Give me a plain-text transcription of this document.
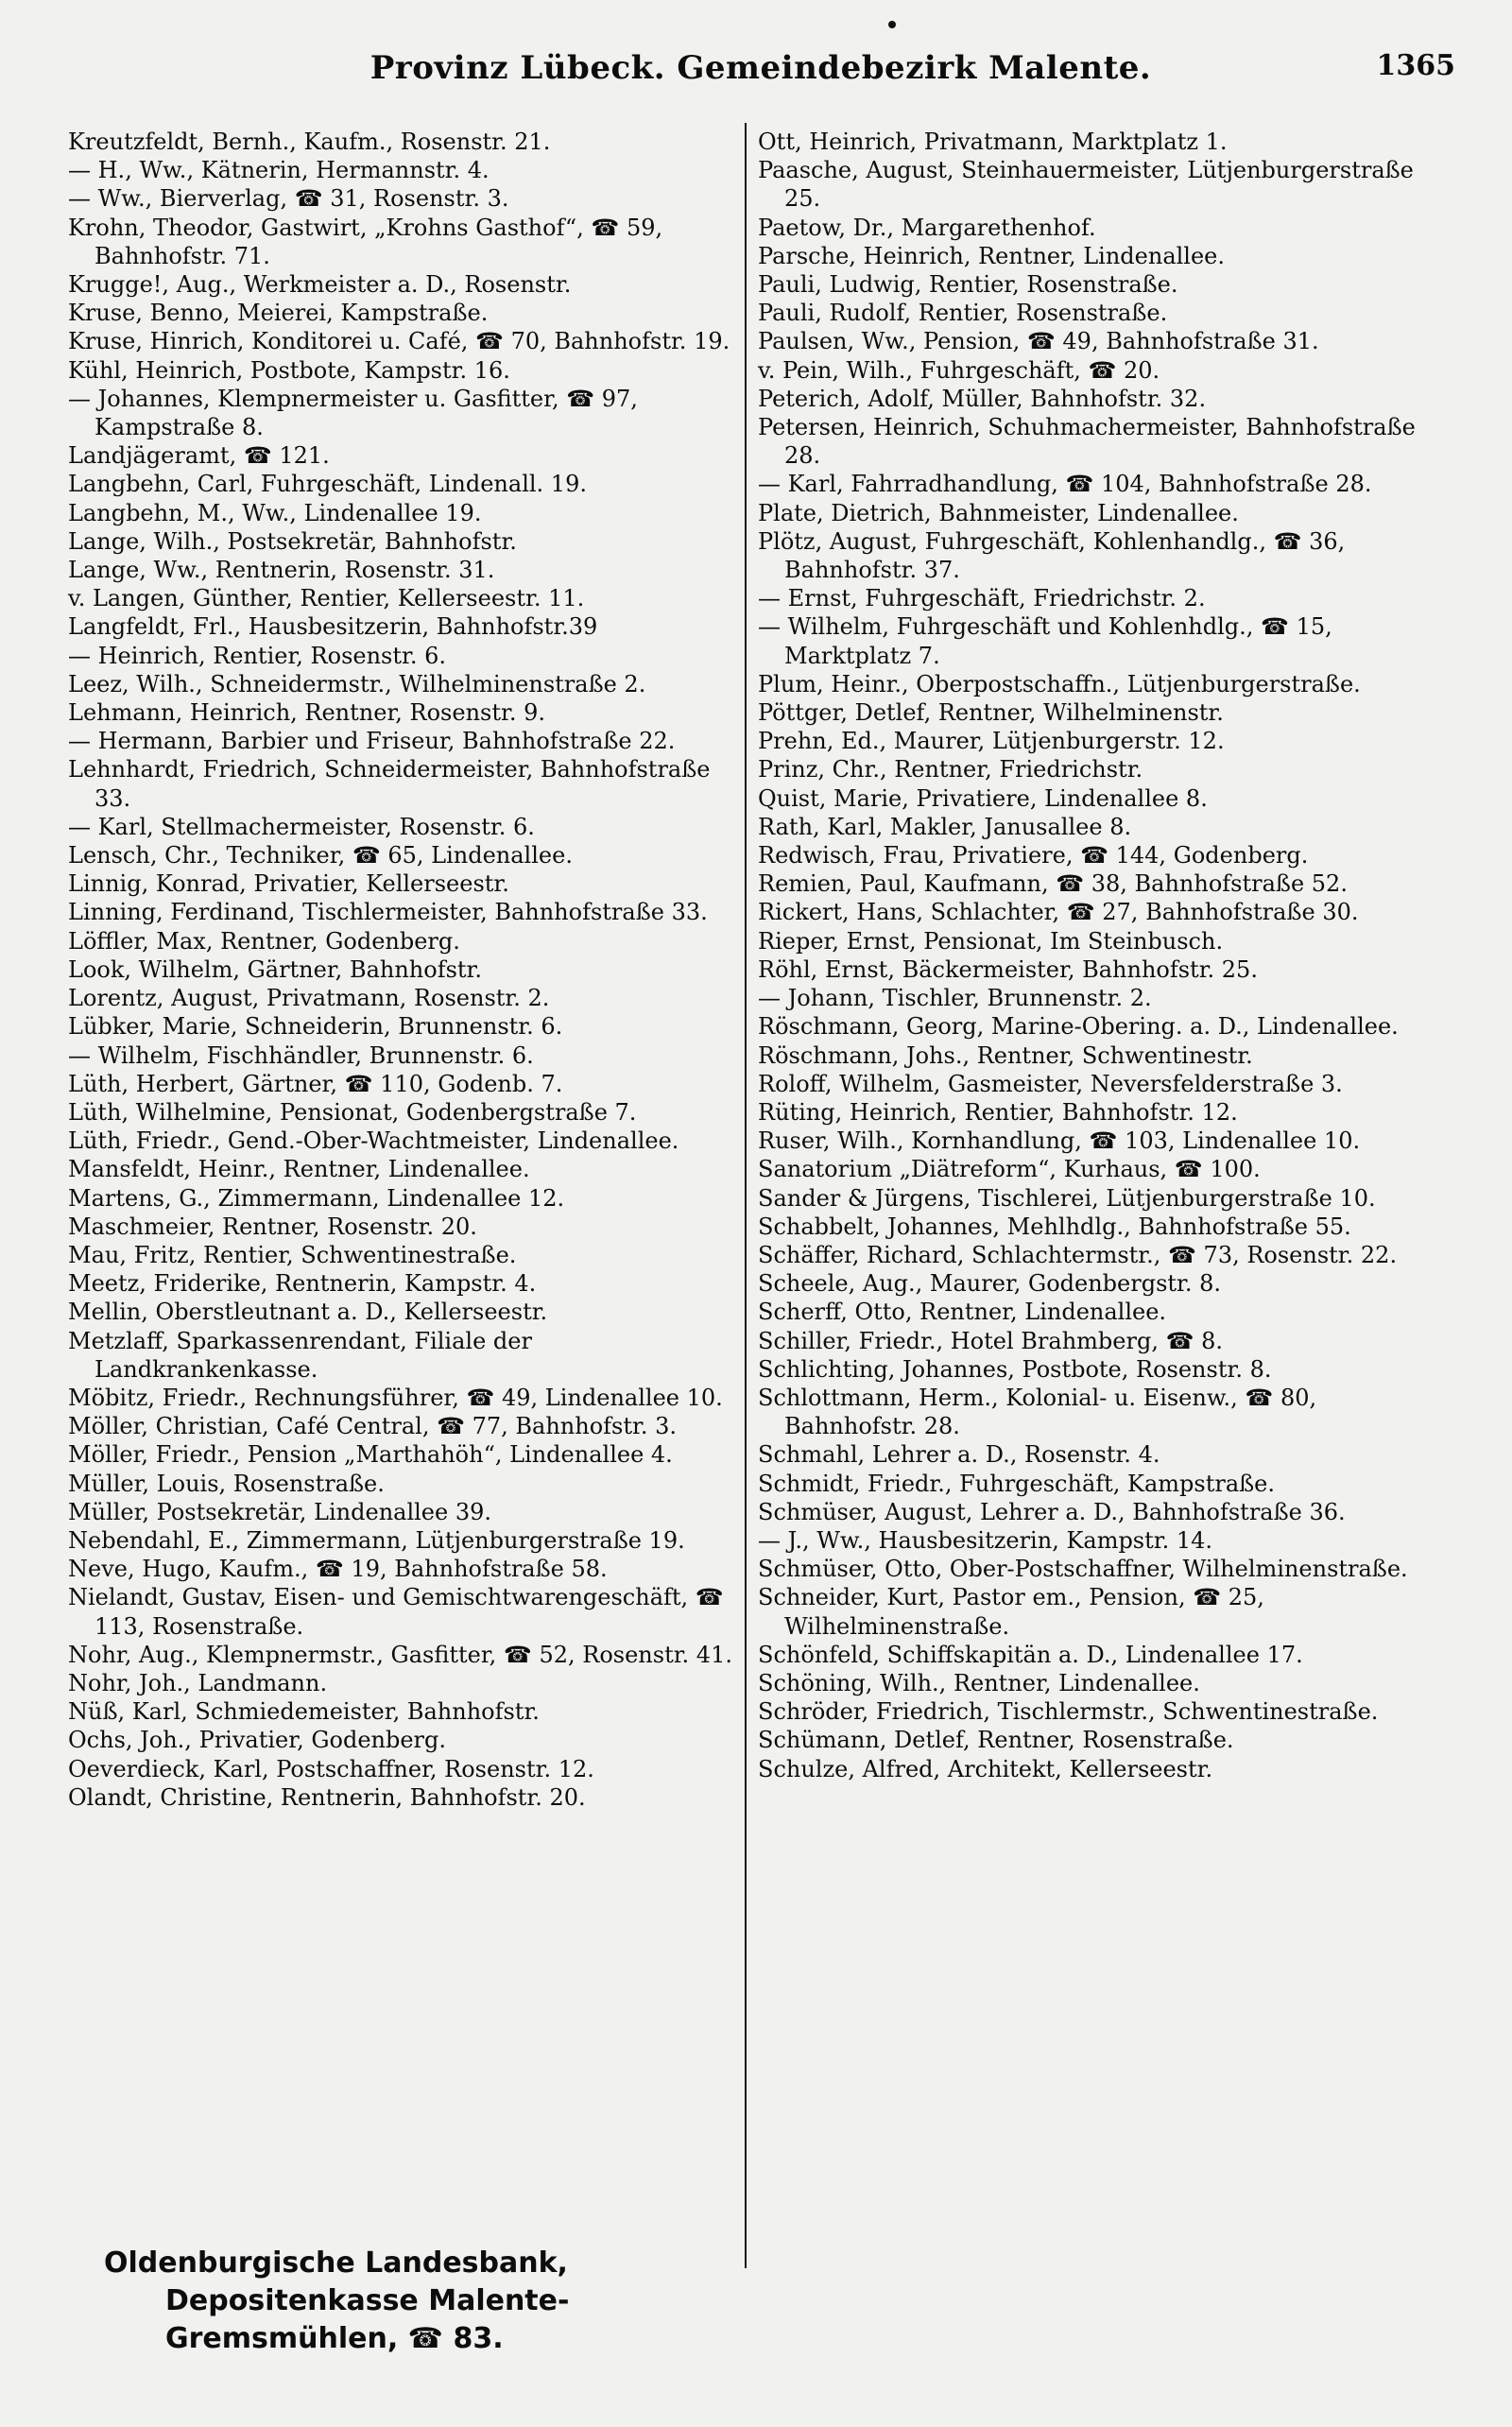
Provinz Lübeck. Gemeindebezirk Malente.	1365

Kreutzfeldt, Bernh., Kaufm., Rosenstr. 21.

— H., Ww., Kätnerin, Hermannstr. 4.

— Ww., Bierverlag, ☎ 31, Rosenstr. 3.

Krohn, Theodor, Gastwirt, „Krohns Gasthof“, ☎ 59, Bahnhofstr. 71.

Krugge!, Aug., Werkmeister a. D., Rosenstr.

Kruse, Benno, Meierei, Kampstraße.

Kruse, Hinrich, Konditorei u. Café, ☎ 70, Bahnhofstr. 19.

Kühl, Heinrich, Postbote, Kampstr. 16.

— Johannes, Klempnermeister u. Gasfitter, ☎ 97, Kampstraße 8.

Landjägeramt, ☎ 121.

Langbehn, Carl, Fuhrgeschäft, Lindenall. 19.

Langbehn, M., Ww., Lindenallee 19.

Lange, Wilh., Postsekretär, Bahnhofstr.

Lange, Ww., Rentnerin, Rosenstr. 31.

v. Langen, Günther, Rentier, Kellerseestr. 11.

Langfeldt, Frl., Hausbesitzerin, Bahnhofstr.39

— Heinrich, Rentier, Rosenstr. 6.

Leez, Wilh., Schneidermstr., Wilhelminenstraße 2.

Lehmann, Heinrich, Rentner, Rosenstr. 9.

— Hermann, Barbier und Friseur, Bahnhofstraße 22.

Lehnhardt, Friedrich, Schneidermeister, Bahnhofstraße 33.

— Karl, Stellmachermeister, Rosenstr. 6.

Lensch, Chr., Techniker, ☎ 65, Lindenallee.

Linnig, Konrad, Privatier, Kellerseestr.

Linning, Ferdinand, Tischlermeister, Bahnhofstraße 33.

Löffler, Max, Rentner, Godenberg.

Look, Wilhelm, Gärtner, Bahnhofstr.

Lorentz, August, Privatmann, Rosenstr. 2.

Lübker, Marie, Schneiderin, Brunnenstr. 6.

— Wilhelm, Fischhändler, Brunnenstr. 6.

Lüth, Herbert, Gärtner, ☎ 110, Godenb. 7.

Lüth, Wilhelmine, Pensionat, Godenbergstraße 7.

Lüth, Friedr., Gend.-Ober-Wachtmeister, Lindenallee.

Mansfeldt, Heinr., Rentner, Lindenallee.

Martens, G., Zimmermann, Lindenallee 12.

Maschmeier, Rentner, Rosenstr. 20.

Mau, Fritz, Rentier, Schwentinestraße.

Meetz, Friderike, Rentnerin, Kampstr. 4.

Mellin, Oberstleutnant a. D., Kellerseestr.

Metzlaff, Sparkassenrendant, Filiale der Landkrankenkasse.

Möbitz, Friedr., Rechnungsführer, ☎ 49, Lindenallee 10.

Möller, Christian, Café Central, ☎ 77, Bahnhofstr. 3.

Möller, Friedr., Pension „Marthahöh“, Lindenallee 4.

Müller, Louis, Rosenstraße.

Müller, Postsekretär, Lindenallee 39.

Nebendahl, E., Zimmermann, Lütjenburgerstraße 19.

Neve, Hugo, Kaufm., ☎ 19, Bahnhofstraße 58.

Nielandt, Gustav, Eisen- und Gemischtwarengeschäft, ☎ 113, Rosenstraße.

Nohr, Aug., Klempnermstr., Gasfitter, ☎ 52, Rosenstr. 41.

Nohr, Joh., Landmann.

Nüß, Karl, Schmiedemeister, Bahnhofstr.

Ochs, Joh., Privatier, Godenberg.

Oeverdieck, Karl, Postschaffner, Rosenstr. 12.

Olandt, Christine, Rentnerin, Bahnhofstr. 20.

Ott, Heinrich, Privatmann, Marktplatz 1.

Paasche, August, Steinhauermeister, Lütjenburgerstraße 25.

Paetow, Dr., Margarethenhof.

Parsche, Heinrich, Rentner, Lindenallee.

Pauli, Ludwig, Rentier, Rosenstraße.

Pauli, Rudolf, Rentier, Rosenstraße.

Paulsen, Ww., Pension, ☎ 49, Bahnhofstraße 31.

v. Pein, Wilh., Fuhrgeschäft, ☎ 20.

Peterich, Adolf, Müller, Bahnhofstr. 32.

Petersen, Heinrich, Schuhmachermeister, Bahnhofstraße 28.

— Karl, Fahrradhandlung, ☎ 104, Bahnhofstraße 28.

Plate, Dietrich, Bahnmeister, Lindenallee.

Plötz, August, Fuhrgeschäft, Kohlenhandlg., ☎ 36, Bahnhofstr. 37.

— Ernst, Fuhrgeschäft, Friedrichstr. 2.

— Wilhelm, Fuhrgeschäft und Kohlenhdlg., ☎ 15, Marktplatz 7.

Plum, Heinr., Oberpostschaffn., Lütjenburgerstraße.

Pöttger, Detlef, Rentner, Wilhelminenstr.

Prehn, Ed., Maurer, Lütjenburgerstr. 12.

Prinz, Chr., Rentner, Friedrichstr.

Quist, Marie, Privatiere, Lindenallee 8.

Rath, Karl, Makler, Janusallee 8.

Redwisch, Frau, Privatiere, ☎ 144, Godenberg.

Remien, Paul, Kaufmann, ☎ 38, Bahnhofstraße 52.

Rickert, Hans, Schlachter, ☎ 27, Bahnhofstraße 30.

Rieper, Ernst, Pensionat, Im Steinbusch.

Röhl, Ernst, Bäckermeister, Bahnhofstr. 25.

— Johann, Tischler, Brunnenstr. 2.

Röschmann, Georg, Marine-Obering. a. D., Lindenallee.

Röschmann, Johs., Rentner, Schwentinestr.

Roloff, Wilhelm, Gasmeister, Neversfelderstraße 3.

Rüting, Heinrich, Rentier, Bahnhofstr. 12.

Ruser, Wilh., Kornhandlung, ☎ 103, Lindenallee 10.

Sanatorium „Diätreform“, Kurhaus, ☎ 100.

Sander & Jürgens, Tischlerei, Lütjenburgerstraße 10.

Schabbelt, Johannes, Mehlhdlg., Bahnhofstraße 55.

Schäffer, Richard, Schlachtermstr., ☎ 73, Rosenstr. 22.

Scheele, Aug., Maurer, Godenbergstr. 8.

Scherff, Otto, Rentner, Lindenallee.

Schiller, Friedr., Hotel Brahmberg, ☎ 8.

Schlichting, Johannes, Postbote, Rosenstr. 8.

Schlottmann, Herm., Kolonial- u. Eisenw., ☎ 80, Bahnhofstr. 28.

Schmahl, Lehrer a. D., Rosenstr. 4.

Schmidt, Friedr., Fuhrgeschäft, Kampstraße.

Schmüser, August, Lehrer a. D., Bahnhofstraße 36.

— J., Ww., Hausbesitzerin, Kampstr. 14.

Schmüser, Otto, Ober-Postschaffner, Wilhelminenstraße.

Schneider, Kurt, Pastor em., Pension, ☎ 25, Wilhelminenstraße.

Schönfeld, Schiffskapitän a. D., Lindenallee 17.

Schöning, Wilh., Rentner, Lindenallee.

Schröder, Friedrich, Tischlermstr., Schwentinestraße.

Schümann, Detlef, Rentner, Rosenstraße.

Schulze, Alfred, Architekt, Kellerseestr.

Oldenburgische Landesbank,
Depositenkasse Malente-
Gremsmühlen, ☎ 83.
